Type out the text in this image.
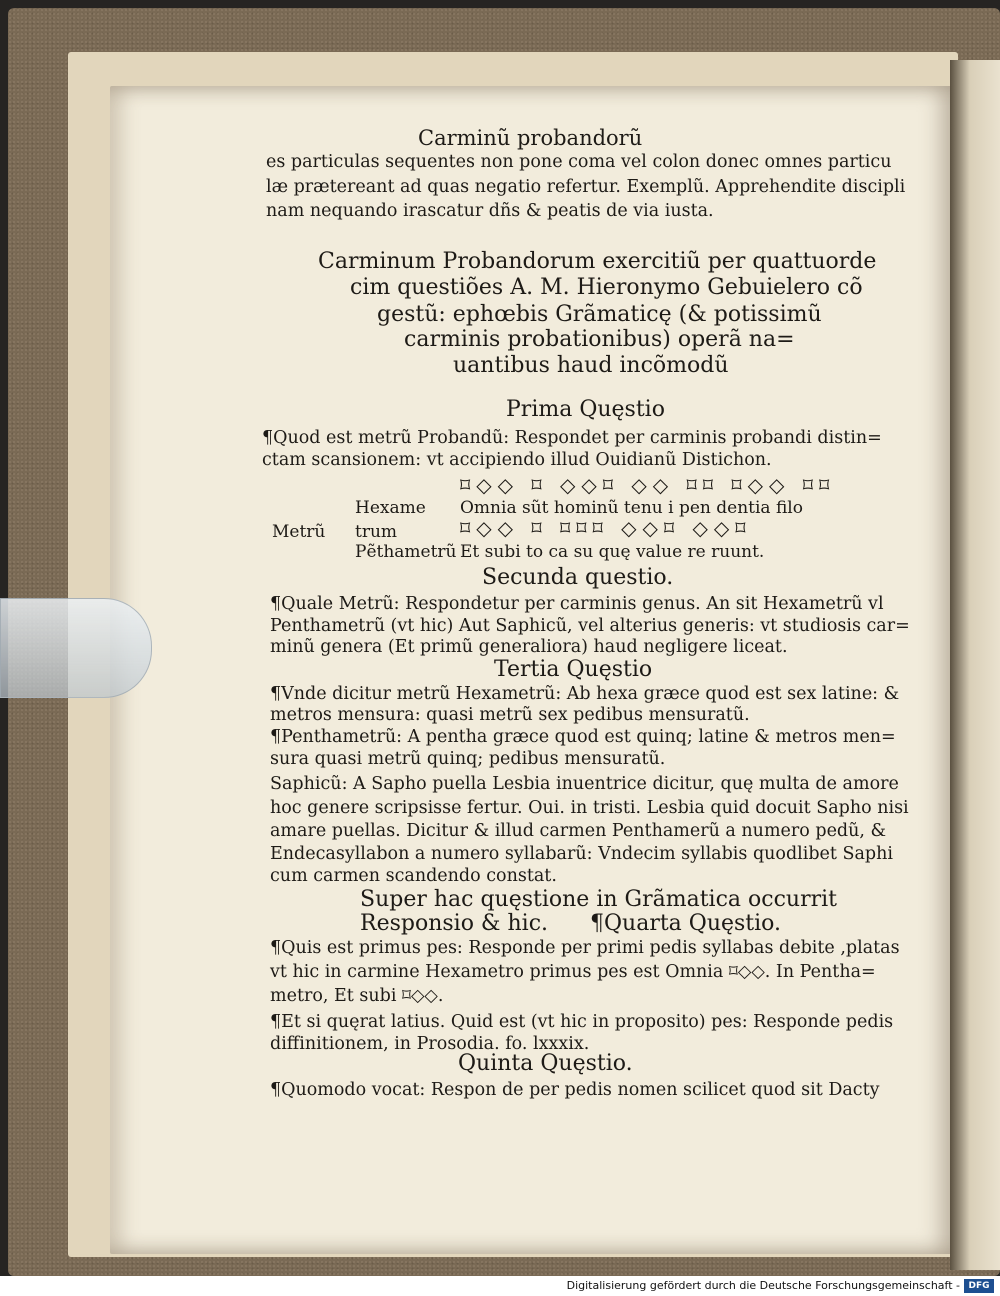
Carminũ probandorũ
es particulas sequentes non pone coma vel colon donec omnes particu
læ prætereant ad quas negatio refertur. Exemplũ. Apprehendite discipli
nam nequando irascatur dñs & peatis de via iusta.
Carminum Probandorum exercitiũ per quattuorde
cim questiões A. M. Hieronymo Gebuielero cõ
gestũ: ephœbis Grãmaticę (& potissimũ
carminis probationibus) operã na=
uantibus haud incõmodũ
Prima Quęstio
¶Quod est metrũ Probandũ: Respondet per carminis probandi distin=
ctam scansionem: vt accipiendo illud Ouidianũ Distichon.
⌑◇◇ ⌑ ◇◇⌑ ◇◇ ⌑⌑ ⌑◇◇ ⌑⌑
Hexame Omnia sũt hominũ tenu i pen dentia filo
Metrũ trum	⌑◇◇ ⌑ ⌑⌑⌑ ◇◇⌑ ◇◇⌑
Pẽthametrũ Et subi to ca su quę value re ruunt.
Secunda questio.
¶Quale Metrũ: Respondetur per carminis genus. An sit Hexametrũ vl
Penthametrũ (vt hic) Aut Saphicũ, vel alterius generis: vt studiosis car=
minũ genera (Et primũ generaliora) haud negligere liceat.
Tertia Quęstio
¶Vnde dicitur metrũ Hexametrũ: Ab hexa græce quod est sex latine: &
metros mensura: quasi metrũ sex pedibus mensuratũ.
¶Penthametrũ: A pentha græce quod est quinq; latine & metros men=
sura quasi metrũ quinq; pedibus mensuratũ.
Saphicũ: A Sapho puella Lesbia inuentrice dicitur, quę multa de amore
hoc genere scripsisse fertur. Oui. in tristi. Lesbia quid docuit Sapho nisi
amare puellas. Dicitur & illud carmen Penthamerũ a numero pedũ, &
Endecasyllabon a numero syllabarũ: Vndecim syllabis quodlibet Saphi
cum carmen scandendo constat.
Super hac quęstione in Grãmatica occurrit
Responsio & hic. ¶Quarta Quęstio.
¶Quis est primus pes: Responde per primi pedis syllabas debite ,platas
vt hic in carmine Hexametro primus pes est Omnia ⌑◇◇. In Pentha=
metro, Et subi ⌑◇◇.
¶Et si quęrat latius. Quid est (vt hic in proposito) pes: Responde pedis
diffinitionem, in Prosodia. fo. lxxxix.
Quinta Quęstio.
¶Quomodo vocat: Respon de per pedis nomen scilicet quod sit Dacty
Digitalisierung gefördert durch die Deutsche Forschungsgemeinschaft - DFG
